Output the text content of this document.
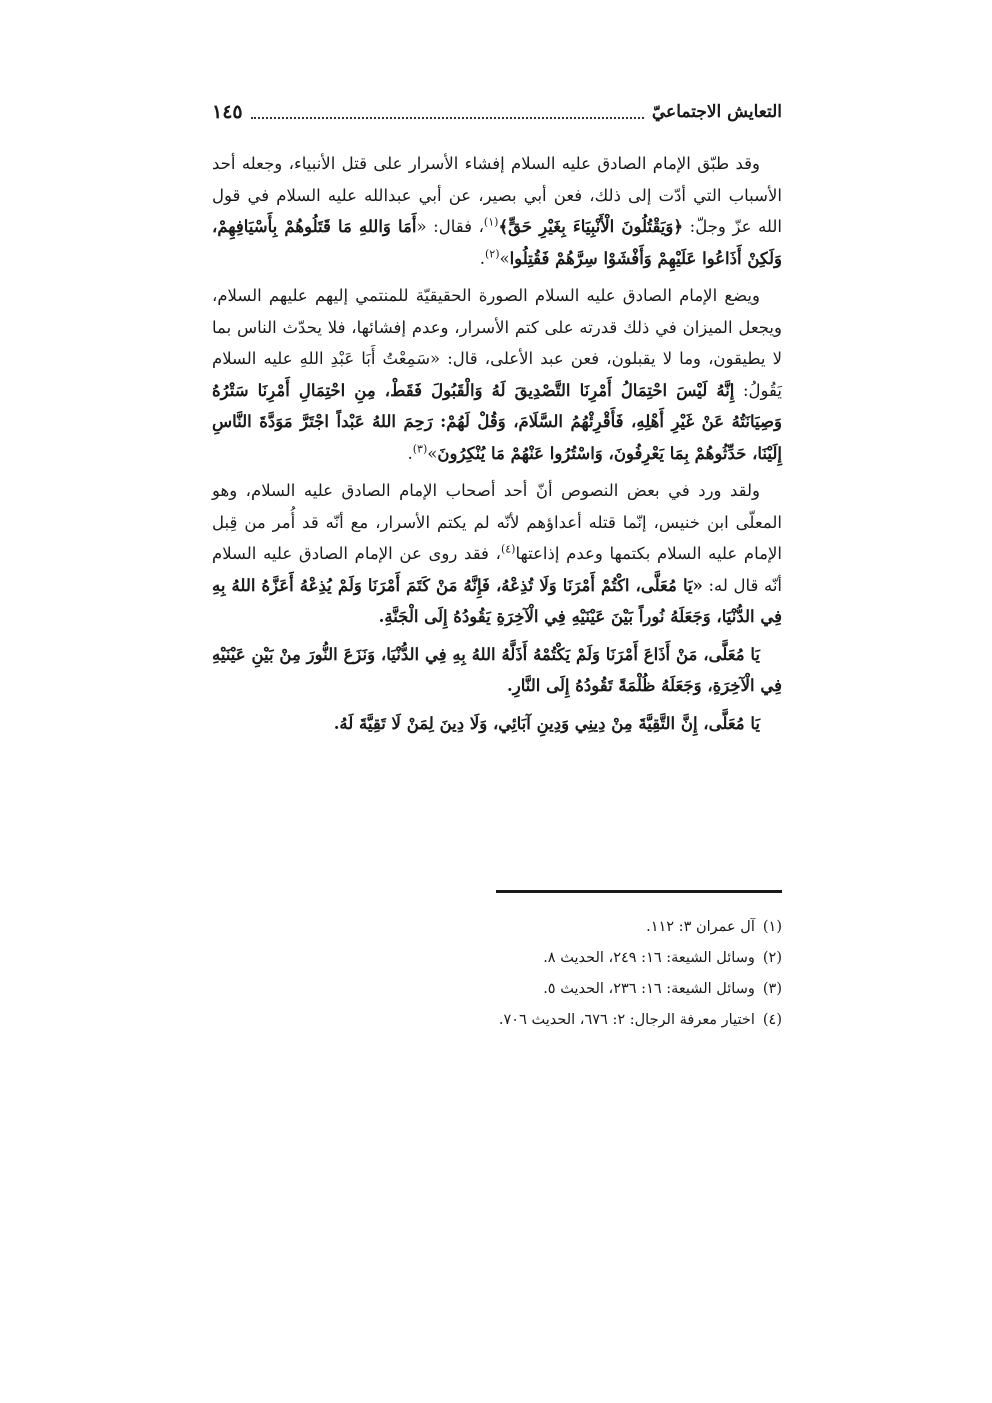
التعايش الاجتماعيّ
١٤٥

وقد طبّق الإمام الصادق عليه السلام إفشاء الأسرار على قتل الأنبياء، وجعله أحد الأسباب التي أدّت إلى ذلك، فعن أبي بصير، عن أبي عبدالله عليه السلام في قول الله عزّ وجلّ: ﴿وَيَقْتُلُونَ الْأَنْبِيَاءَ بِغَيْرِ حَقٍّ﴾$^{(١)}$، فقال: «أَمَا وَاللهِ مَا قَتَلُوهُمْ بِأَسْيَافِهِمْ، وَلَكِنْ أَذَاعُوا عَلَيْهِمْ وَأَفْشَوْا سِرَّهُمْ فَقُتِلُوا»$^{(٢)}$.

ويضع الإمام الصادق عليه السلام الصورة الحقيقيّة للمنتمي إليهم عليهم السلام، ويجعل الميزان في ذلك قدرته على كتم الأسرار، وعدم إفشائها، فلا يحدّث الناس بما لا يطيقون، وما لا يقبلون، فعن عبد الأعلى، قال: «سَمِعْتُ أَبَا عَبْدِ اللهِ عليه السلام يَقُولُ: إِنَّهُ لَيْسَ احْتِمَالُ أَمْرِنَا التَّصْدِيقَ لَهُ وَالْقَبُولَ فَقَطْ، مِنِ احْتِمَالِ أَمْرِنَا سَتْرُهُ وَصِيَانَتُهُ عَنْ غَيْرِ أَهْلِهِ، فَأَقْرِئْهُمُ السَّلَامَ، وَقُلْ لَهُمْ: رَحِمَ اللهُ عَبْداً اجْتَرَّ مَوَدَّةَ النَّاسِ إِلَيْنَا، حَدِّثُوهُمْ بِمَا يَعْرِفُونَ، وَاسْتُرُوا عَنْهُمْ مَا يُنْكِرُونَ»$^{(٣)}$.

ولقد ورد في بعض النصوص أنّ أحد أصحاب الإمام الصادق عليه السلام، وهو المعلّى ابن خنيس، إنّما قتله أعداؤهم لأنّه لم يكتم الأسرار، مع أنّه قد أُمر من قِبل الإمام عليه السلام بكتمها وعدم إذاعتها$^{(٤)}$، فقد روى عن الإمام الصادق عليه السلام أنّه قال له: «يَا مُعَلَّى، اكْتُمْ أَمْرَنَا وَلَا تُذِعْهُ، فَإِنَّهُ مَنْ كَتَمَ أَمْرَنَا وَلَمْ يُذِعْهُ أَعَزَّهُ اللهُ بِهِ فِي الدُّنْيَا، وَجَعَلَهُ نُوراً بَيْنَ عَيْنَيْهِ فِي الْآخِرَةِ يَقُودُهُ إِلَى الْجَنَّةِ.

يَا مُعَلَّى، مَنْ أَذَاعَ أَمْرَنَا وَلَمْ يَكْتُمْهُ أَذَلَّهُ اللهُ بِهِ فِي الدُّنْيَا، وَنَزَعَ النُّورَ مِنْ بَيْنِ عَيْنَيْهِ فِي الْآخِرَةِ، وَجَعَلَهُ ظُلْمَةً تَقُودُهُ إِلَى النَّارِ.

يَا مُعَلَّى، إِنَّ التَّقِيَّةَ مِنْ دِينِي وَدِينِ آبَائِي، وَلَا دِينَ لِمَنْ لَا تَقِيَّةَ لَهُ.

(١)آل عمران ٣: ١١٢.

(٢)وسائل الشيعة: ١٦: ٢٤٩، الحديث ٨.

(٣)وسائل الشيعة: ١٦: ٢٣٦، الحديث ٥.

(٤)اختيار معرفة الرجال: ٢: ٦٧٦، الحديث ٧٠٦.
